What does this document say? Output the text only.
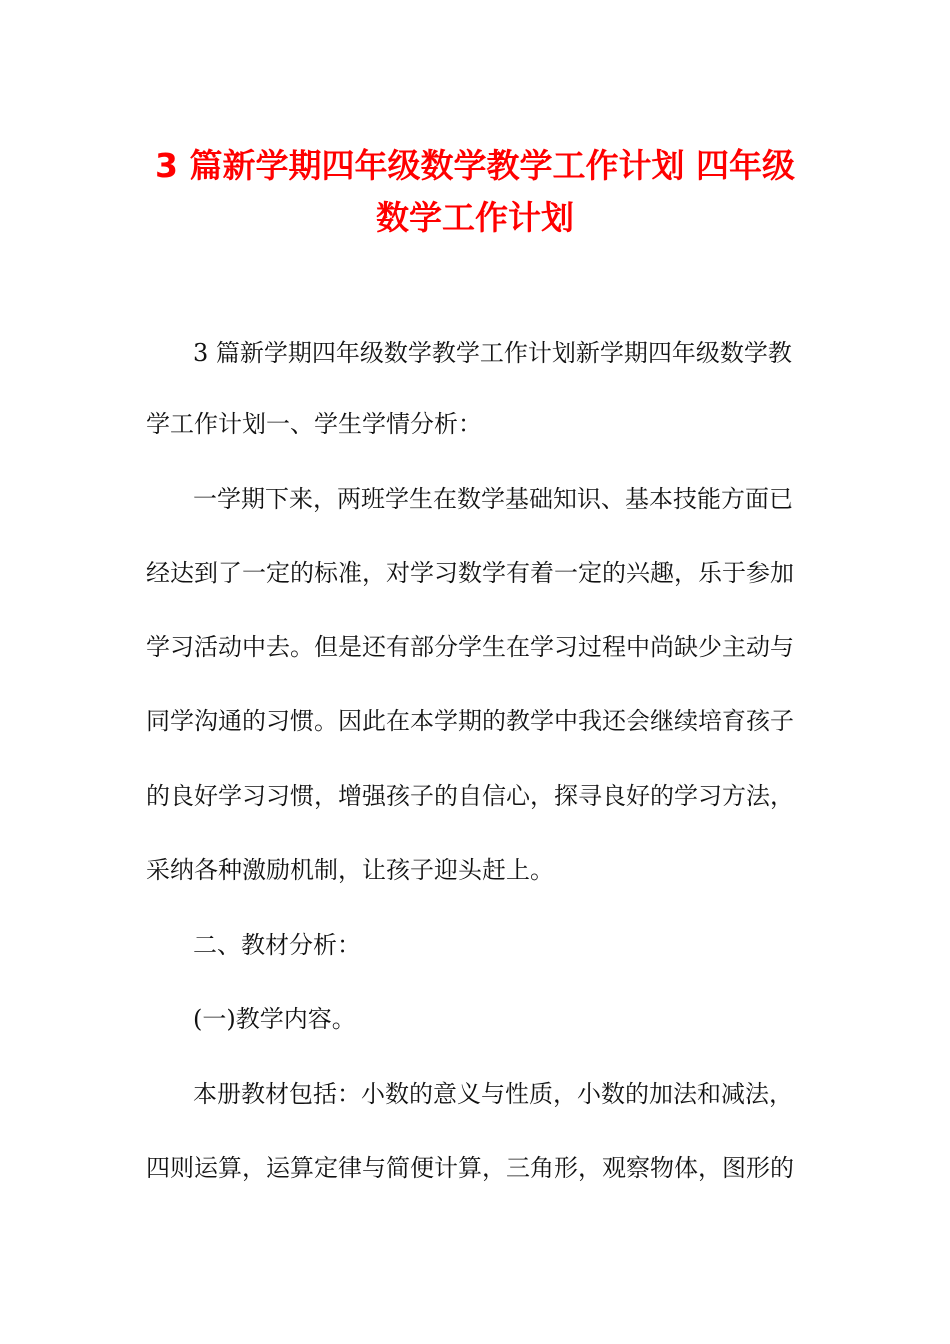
3 篇新学期四年级数学教学工作计划 四年级
数学工作计划

3 篇新学期四年级数学教学工作计划新学期四年级数学教

学工作计划一、学生学情分析：

一学期下来，两班学生在数学基础知识、基本技能方面已

经达到了一定的标准，对学习数学有着一定的兴趣，乐于参加

学习活动中去。但是还有部分学生在学习过程中尚缺少主动与

同学沟通的习惯。因此在本学期的教学中我还会继续培育孩子

的良好学习习惯，增强孩子的自信心，探寻良好的学习方法，

采纳各种激励机制，让孩子迎头赶上。

二、教材分析：

(一)教学内容。

本册教材包括：小数的意义与性质，小数的加法和减法，

四则运算，运算定律与简便计算，三角形，观察物体，图形的
